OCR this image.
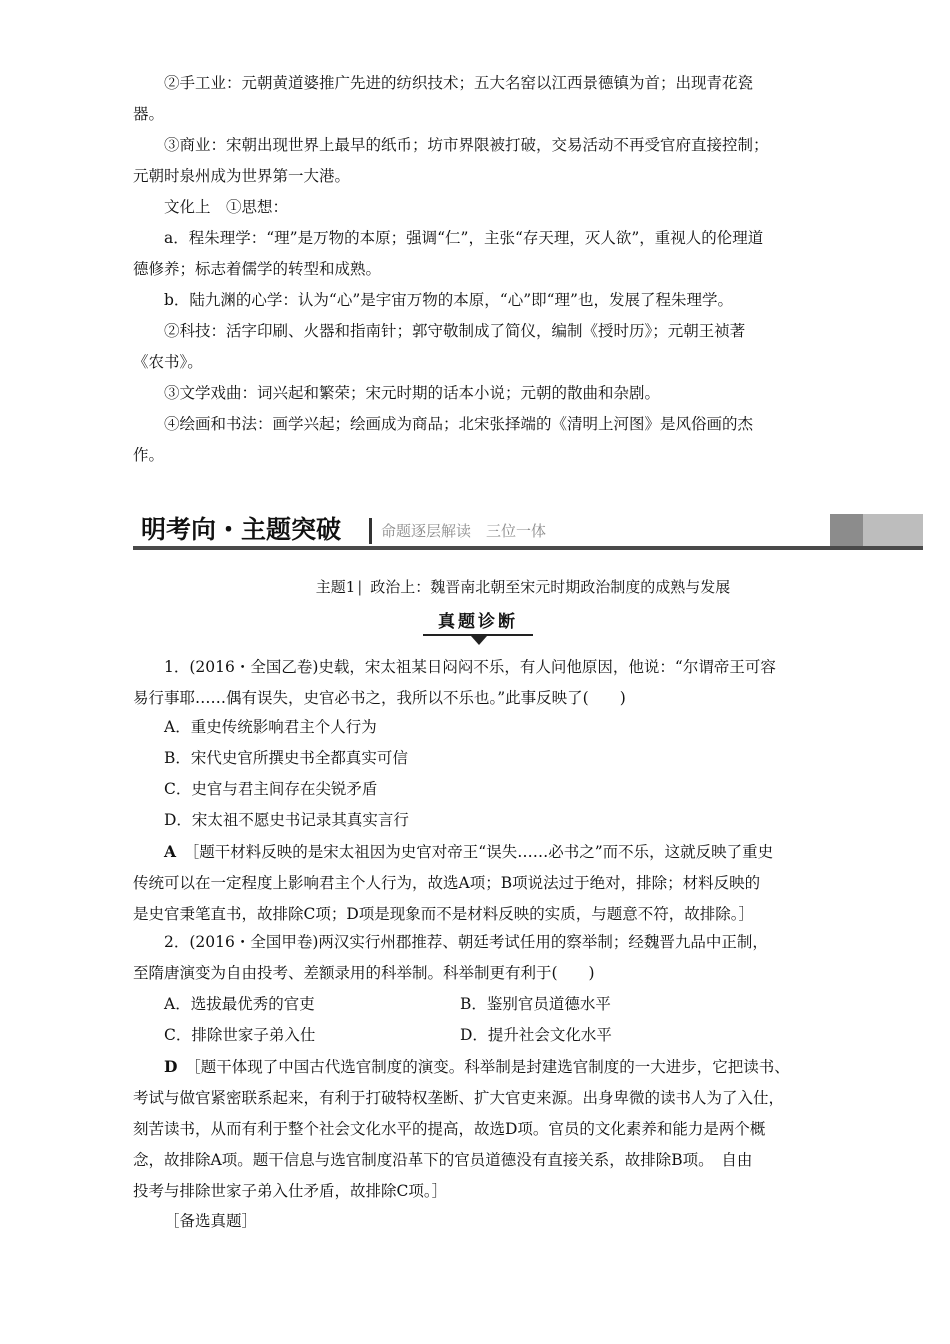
②手工业：元朝黄道婆推广先进的纺织技术；五大名窑以江西景德镇为首；出现青花瓷
器。
③商业：宋朝出现世界上最早的纸币；坊市界限被打破，交易活动不再受官府直接控制；
元朝时泉州成为世界第一大港。
文化上　①思想：
a．程朱理学：“理”是万物的本原；强调“仁”，主张“存天理，灭人欲”，重视人的伦理道
德修养；标志着儒学的转型和成熟。
b．陆九渊的心学：认为“心”是宇宙万物的本原，“心”即“理”也，发展了程朱理学。
②科技：活字印刷、火器和指南针；郭守敬制成了简仪，编制《授时历》；元朝王祯著
《农书》。
③文学戏曲：词兴起和繁荣；宋元时期的话本小说；元朝的散曲和杂剧。
④绘画和书法：画学兴起；绘画成为商品；北宋张择端的《清明上河图》是风俗画的杰
作。
明考向・主题突破	命题逐层解读　三位一体
主题1 | 政治上：魏晋南北朝至宋元时期政治制度的成熟与发展
真题诊断
1．(2016・全国乙卷)史载，宋太祖某日闷闷不乐，有人问他原因，他说：“尔谓帝王可容
易行事耶……偶有误失，史官必书之，我所以不乐也。”此事反映了(　　)
A．重史传统影响君主个人行为
B．宋代史官所撰史书全都真实可信
C．史官与君主间存在尖锐矛盾
D．宋太祖不愿史书记录其真实言行
A　 ［题干材料反映的是宋太祖因为史官对帝王“误失……必书之”而不乐，这就反映了重史
传统可以在一定程度上影响君主个人行为，故选A项；B项说法过于绝对，排除；材料反映的
是史官秉笔直书，故排除C项；D项是现象而不是材料反映的实质，与题意不符，故排除。］
2．(2016・全国甲卷)两汉实行州郡推荐、朝廷考试任用的察举制；经魏晋九品中正制，
至隋唐演变为自由投考、差额录用的科举制。科举制更有利于(　　)
A．选拔最优秀的官吏	B．鉴别官员道德水平
C．排除世家子弟入仕	D．提升社会文化水平
D　 ［题干体现了中国古代选官制度的演变。科举制是封建选官制度的一大进步，它把读书、
考试与做官紧密联系起来，有利于打破特权垄断、扩大官吏来源。出身卑微的读书人为了入仕，
刻苦读书，从而有利于整个社会文化水平的提高，故选D项。官员的文化素养和能力是两个概
念，故排除A项。题干信息与选官制度沿革下的官员道德没有直接关系，故排除B项。　自由
投考与排除世家子弟入仕矛盾，故排除C项。］
［备选真题］
